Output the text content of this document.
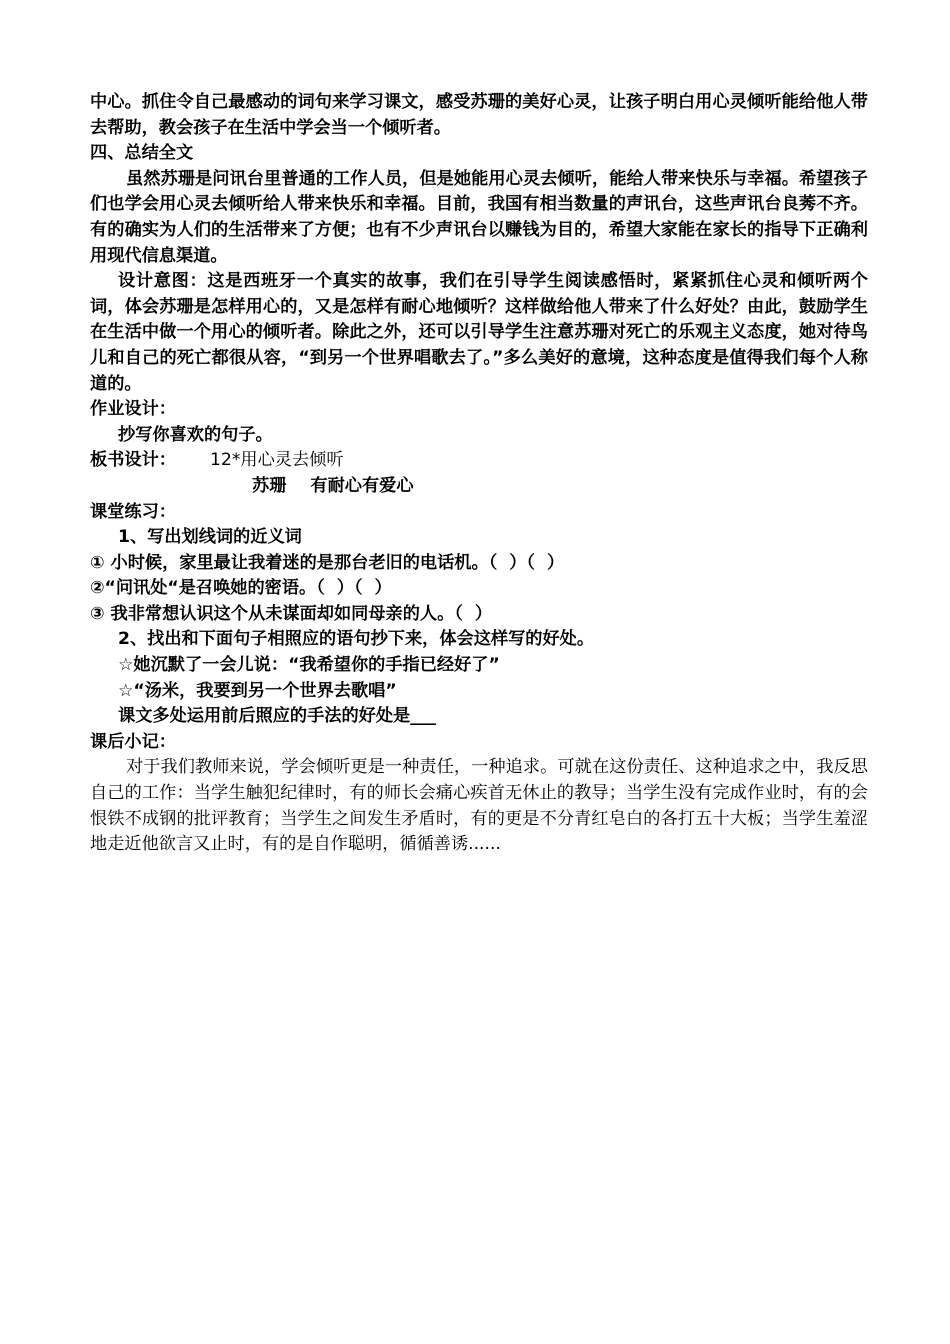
中心。抓住令自己最感动的词句来学习课文，感受苏珊的美好心灵，让孩子明白用心灵倾听能给他人带去帮助，教会孩子在生活中学会当一个倾听者。

四、总结全文

虽然苏珊是问讯台里普通的工作人员，但是她能用心灵去倾听，能给人带来快乐与幸福。希望孩子们也学会用心灵去倾听给人带来快乐和幸福。目前，我国有相当数量的声讯台，这些声讯台良莠不齐。有的确实为人们的生活带来了方便；也有不少声讯台以赚钱为目的，希望大家能在家长的指导下正确利用现代信息渠道。

设计意图：这是西班牙一个真实的故事，我们在引导学生阅读感悟时，紧紧抓住心灵和倾听两个词，体会苏珊是怎样用心的，又是怎样有耐心地倾听？这样做给他人带来了什么好处？由此，鼓励学生在生活中做一个用心的倾听者。除此之外，还可以引导学生注意苏珊对死亡的乐观主义态度，她对待鸟儿和自己的死亡都很从容，“到另一个世界唱歌去了。”多么美好的意境，这种态度是值得我们每个人称道的。

作业设计：

抄写你喜欢的句子。

板书设计： 12*用心灵去倾听

苏珊 有耐心有爱心

课堂练习：

1、写出划线词的近义词

① 小时候，家里最让我着迷的是那台老旧的电话机。（  ）（  ）

②“问讯处“是召唤她的密语。（  ）（  ）

③ 我非常想认识这个从未谋面却如同母亲的人。（  ）

2、找出和下面句子相照应的语句抄下来，体会这样写的好处。

☆她沉默了一会儿说：“我希望你的手指已经好了”

☆“汤米，我要到另一个世界去歌唱”

课文多处运用前后照应的手法的好处是___

课后小记：

对于我们教师来说，学会倾听更是一种责任，一种追求。可就在这份责任、这种追求之中，我反思自己的工作：当学生触犯纪律时，有的师长会痛心疾首无休止的教导；当学生没有完成作业时，有的会恨铁不成钢的批评教育；当学生之间发生矛盾时，有的更是不分青红皂白的各打五十大板；当学生羞涩地走近他欲言又止时，有的是自作聪明，循循善诱......
